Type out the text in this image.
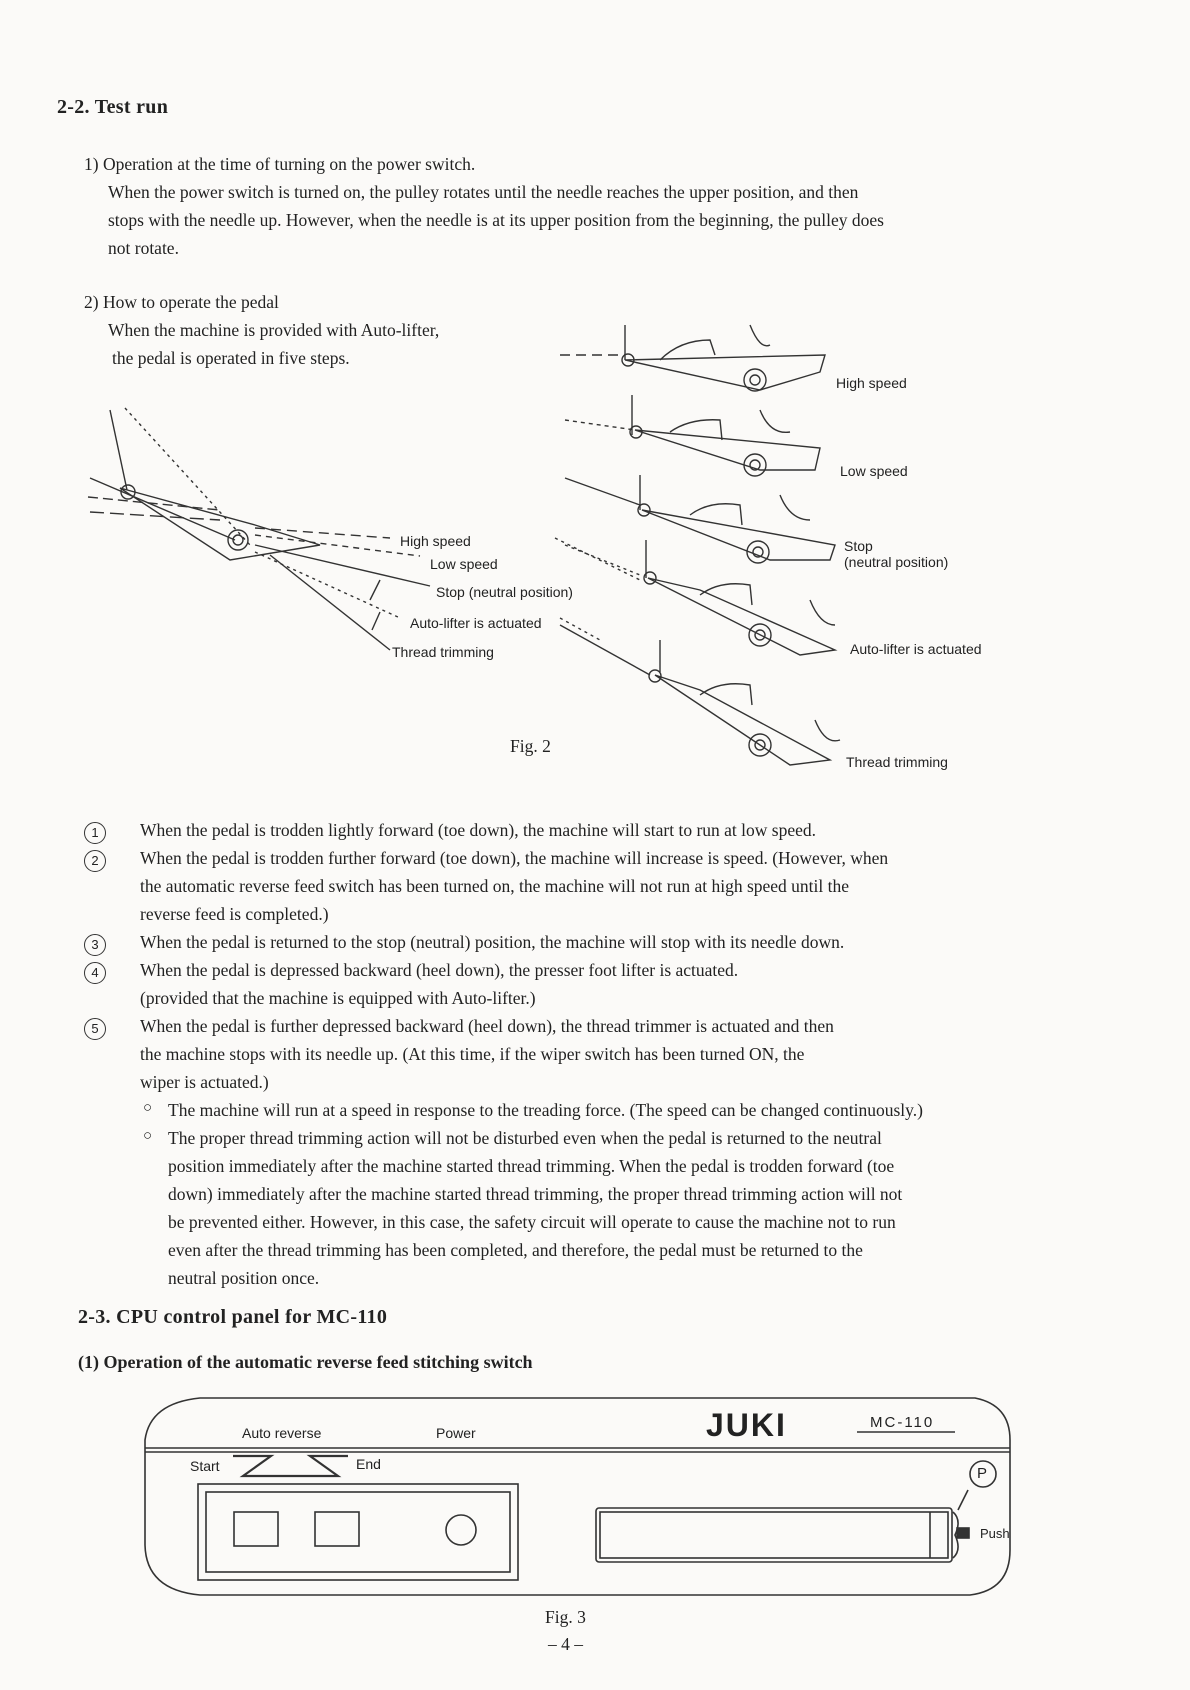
2-2. Test run
1) Operation at the time of turning on the power switch.
When the power switch is turned on, the pulley rotates until the needle reaches the upper position, and then
stops with the needle up. However, when the needle is at its upper position from the beginning, the pulley does
not rotate.
2) How to operate the pedal
When the machine is provided with Auto-lifter,
the pedal is operated in five steps.
High speed
Low speed
Stop (neutral position)
Auto-lifter is actuated
Thread trimming
High speed
Low speed
Stop
(neutral position)
Auto-lifter is actuated
Thread trimming
Fig. 2
1	When the pedal is trodden lightly forward (toe down), the machine will start to run at low speed.
2	When the pedal is trodden further forward (toe down), the machine will increase is speed. (However, when
the automatic reverse feed switch has been turned on, the machine will not run at high speed until the
reverse feed is completed.)
3	When the pedal is returned to the stop (neutral) position, the machine will stop with its needle down.
4	When the pedal is depressed backward (heel down), the presser foot lifter is actuated.
(provided that the machine is equipped with Auto-lifter.)
5	When the pedal is further depressed backward (heel down), the thread trimmer is actuated and then
the machine stops with its needle up. (At this time, if the wiper switch has been turned ON, the
wiper is actuated.)
○ The machine will run at a speed in response to the treading force. (The speed can be changed continuously.)
○ The proper thread trimming action will not be disturbed even when the pedal is returned to the neutral
position immediately after the machine started thread trimming. When the pedal is trodden forward (toe
down) immediately after the machine started thread trimming, the proper thread trimming action will not
be prevented either. However, in this case, the safety circuit will operate to cause the machine not to run
even after the thread trimming has been completed, and therefore, the pedal must be returned to the
neutral position once.
2-3. CPU control panel for MC-110
(1) Operation of the automatic reverse feed stitching switch
Auto reverse	Power	JUKI	MC-110
Start	End
P
Push
Fig. 3
– 4 –
